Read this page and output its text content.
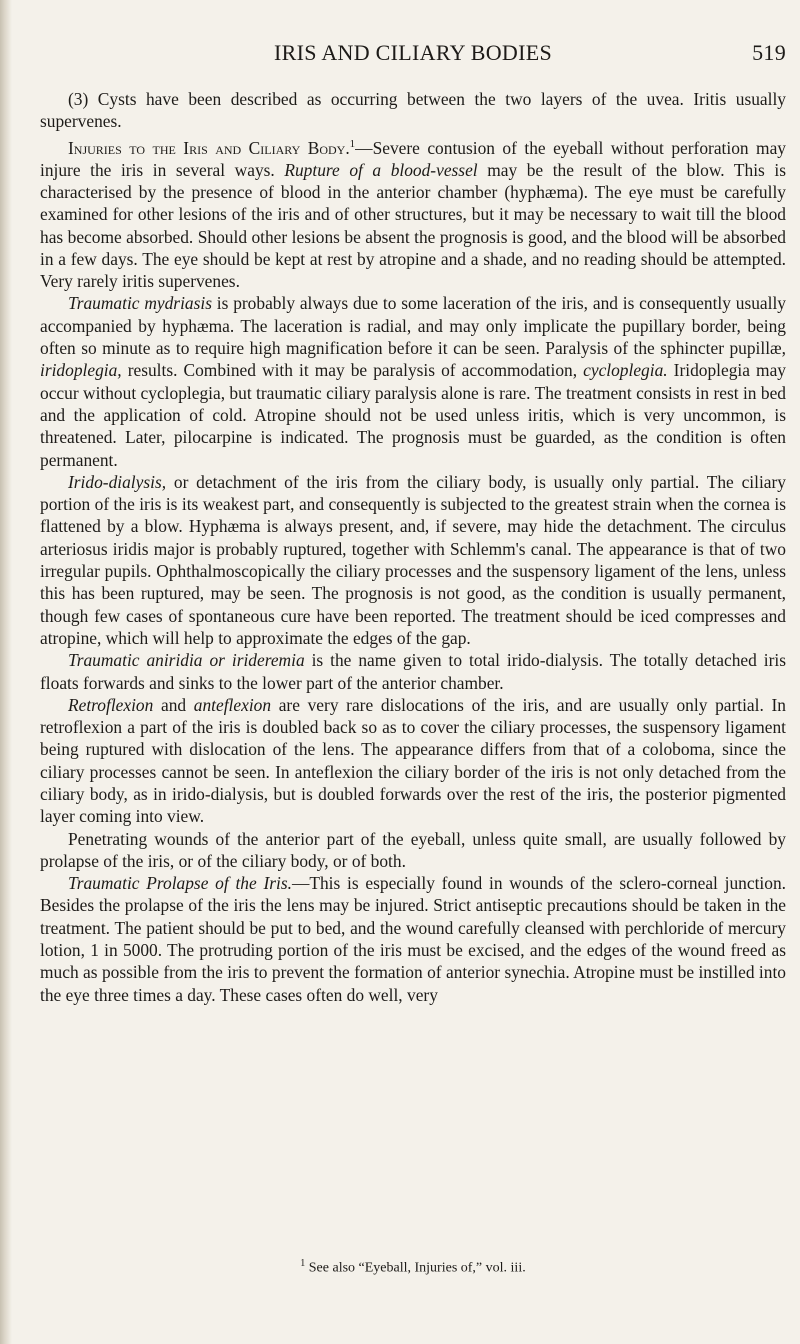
IRIS AND CILIARY BODIES	519

(3) Cysts have been described as occurring between the two layers of the uvea. Iritis usually supervenes.

Injuries to the Iris and Ciliary Body.$^1$—Severe contusion of the eyeball without perforation may injure the iris in several ways. Rupture of a blood-vessel may be the result of the blow. This is characterised by the presence of blood in the anterior chamber (hyphæma). The eye must be carefully examined for other lesions of the iris and of other structures, but it may be necessary to wait till the blood has become absorbed. Should other lesions be absent the prognosis is good, and the blood will be absorbed in a few days. The eye should be kept at rest by atropine and a shade, and no reading should be attempted. Very rarely iritis supervenes.

Traumatic mydriasis is probably always due to some laceration of the iris, and is consequently usually accompanied by hyphæma. The laceration is radial, and may only implicate the pupillary border, being often so minute as to require high magnification before it can be seen. Paralysis of the sphincter pupillæ, iridoplegia, results. Combined with it may be paralysis of accommodation, cycloplegia. Iridoplegia may occur without cycloplegia, but traumatic ciliary paralysis alone is rare. The treatment consists in rest in bed and the application of cold. Atropine should not be used unless iritis, which is very uncommon, is threatened. Later, pilocarpine is indicated. The prognosis must be guarded, as the condition is often permanent.

Irido-dialysis, or detachment of the iris from the ciliary body, is usually only partial. The ciliary portion of the iris is its weakest part, and consequently is subjected to the greatest strain when the cornea is flattened by a blow. Hyphæma is always present, and, if severe, may hide the detachment. The circulus arteriosus iridis major is probably ruptured, together with Schlemm's canal. The appearance is that of two irregular pupils. Ophthalmoscopically the ciliary processes and the suspensory ligament of the lens, unless this has been ruptured, may be seen. The prognosis is not good, as the condition is usually permanent, though few cases of spontaneous cure have been reported. The treatment should be iced compresses and atropine, which will help to approximate the edges of the gap.

Traumatic aniridia or irideremia is the name given to total irido-dialysis. The totally detached iris floats forwards and sinks to the lower part of the anterior chamber.

Retroflexion and anteflexion are very rare dislocations of the iris, and are usually only partial. In retroflexion a part of the iris is doubled back so as to cover the ciliary processes, the suspensory ligament being ruptured with dislocation of the lens. The appearance differs from that of a coloboma, since the ciliary processes cannot be seen. In anteflexion the ciliary border of the iris is not only detached from the ciliary body, as in irido-dialysis, but is doubled forwards over the rest of the iris, the posterior pigmented layer coming into view.

Penetrating wounds of the anterior part of the eyeball, unless quite small, are usually followed by prolapse of the iris, or of the ciliary body, or of both.

Traumatic Prolapse of the Iris.—This is especially found in wounds of the sclero-corneal junction. Besides the prolapse of the iris the lens may be injured. Strict antiseptic precautions should be taken in the treatment. The patient should be put to bed, and the wound carefully cleansed with perchloride of mercury lotion, 1 in 5000. The protruding portion of the iris must be excised, and the edges of the wound freed as much as possible from the iris to prevent the formation of anterior synechia. Atropine must be instilled into the eye three times a day. These cases often do well, very

$^1$ See also “Eyeball, Injuries of,” vol. iii.
